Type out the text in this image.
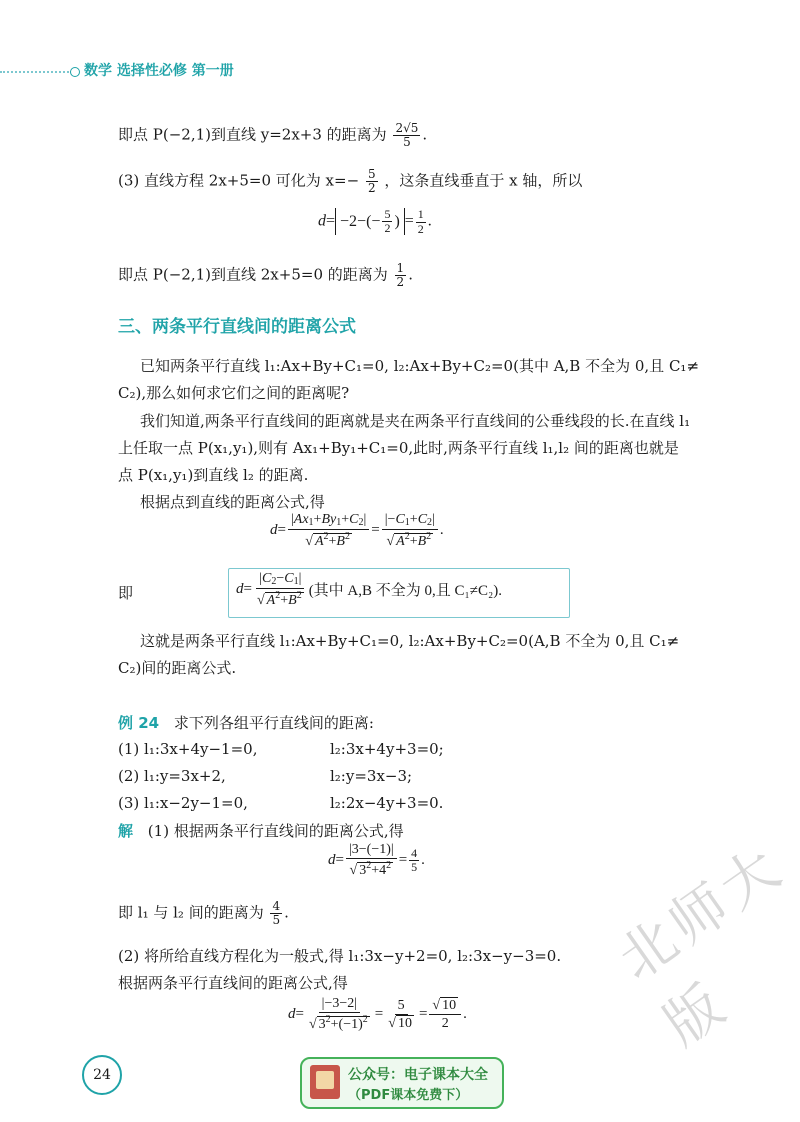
数学 选择性必修 第一册
即点 P(−2,1)到直线 y=2x+3 的距离为 $\frac{2√5}{5}$ .
(3) 直线方程 2x+5=0 可化为 $x=- \frac{5}{2}$ ，这条直线垂直于 x 轴，所以
$d= -2-(- \frac{5}{2}$ ) = $\frac{1}{2}$ .
即点 P(−2,1)到直线 2x+5=0 的距离为 $\frac{1}{2}$ .
三、两条平行直线间的距离公式
已知两条平行直线 l₁:Ax+By+C₁=0, l₂:Ax+By+C₂=0(其中 A,B 不全为 0,且 C₁≠
C₂),那么如何求它们之间的距离呢?
我们知道,两条平行直线间的距离就是夹在两条平行直线间的公垂线段的长.在直线 l₁
上任取一点 P(x₁,y₁),则有 Ax₁+By₁+C₁=0,此时,两条平行直线 l₁,l₂ 间的距离也就是
点 P(x₁,y₁)到直线 l₂ 的距离.
根据点到直线的距离公式,得
$d = \frac{|Ax_1+By_1+C_2|}{√ A^2+B^2} = \frac{|-C_1+C_2|}{√ A^2+B^2}$ .
即	$d = \frac{|C_2-C_1|}{√ A^2+B^2}$ (其中 A,B 不全为 0,且 C₁≠C₂).
这就是两条平行直线 l₁:Ax+By+C₁=0, l₂:Ax+By+C₂=0(A,B 不全为 0,且 C₁≠
C₂)间的距离公式.
例 24 求下列各组平行直线间的距离:
(1) l₁:3x+4y−1=0,	l₂:3x+4y+3=0;
(2) l₁:y=3x+2,	l₂:y=3x−3;
(3) l₁:x−2y−1=0,	l₂:2x−4y+3=0.
解 (1) 根据两条平行直线间的距离公式,得
$d = \frac{|3-(-1)|}{√ 3^2+4^2} = \frac{4}{5}$ .
即 l₁ 与 l₂ 间的距离为 $\frac{4}{5}$ .
(2) 将所给直线方程化为一般式,得 l₁:3x−y+2=0, l₂:3x−y−3=0.
根据两条平行直线间的距离公式,得
$d = \frac{|-3-2|}{√ 3^2+(-1)^2} = \frac{5}{√ 10} = \frac{√ 10}{2}$ .
24	公众号：电子课本大全
（PDF课本免费下）
北师大版
